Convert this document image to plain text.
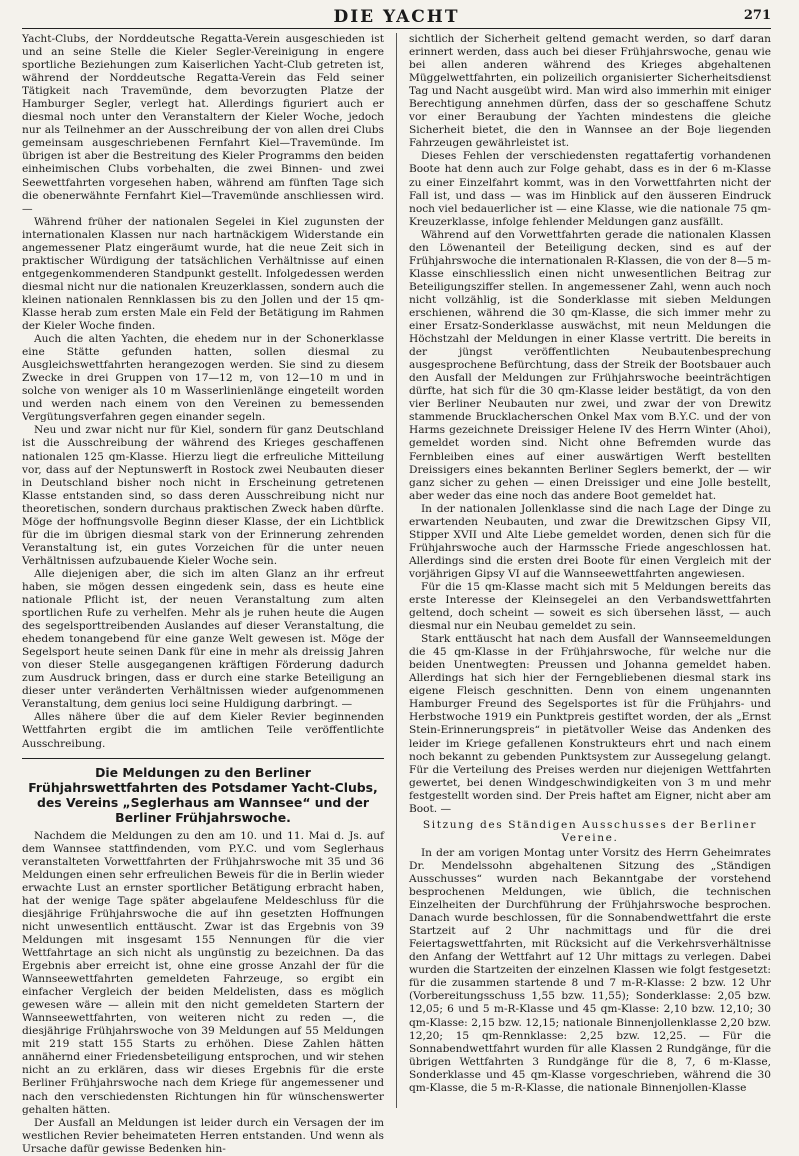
DIE YACHT	271

Yacht-Clubs, der Norddeutsche Regatta-Verein ausgeschieden ist und an seine Stelle die Kieler Segler-Vereinigung in engere sportliche Beziehungen zum Kaiserlichen Yacht-Club getreten ist, während der Norddeutsche Regatta-Verein das Feld seiner Tätigkeit nach Travemünde, dem bevorzugten Platze der Hamburger Segler, verlegt hat. Allerdings figuriert auch er diesmal noch unter den Veranstaltern der Kieler Woche, jedoch nur als Teilnehmer an der Ausschreibung der von allen drei Clubs gemeinsam ausgeschriebenen Fernfahrt Kiel—Travemünde. Im übrigen ist aber die Bestreitung des Kieler Programms den beiden einheimischen Clubs vorbehalten, die zwei Binnen- und zwei Seewettfahrten vorgesehen haben, während am fünften Tage sich die obenerwähnte Fernfahrt Kiel—Travemünde anschliessen wird. —

Während früher der nationalen Segelei in Kiel zugunsten der internationalen Klassen nur nach hartnäckigem Widerstande ein angemessener Platz eingeräumt wurde, hat die neue Zeit sich in praktischer Würdigung der tatsächlichen Verhältnisse auf einen entgegenkommenderen Standpunkt gestellt. Infolgedessen werden diesmal nicht nur die nationalen Kreuzerklassen, sondern auch die kleinen nationalen Rennklassen bis zu den Jollen und der 15 qm-Klasse herab zum ersten Male ein Feld der Betätigung im Rahmen der Kieler Woche finden.

Auch die alten Yachten, die ehedem nur in der Schonerklasse eine Stätte gefunden hatten, sollen diesmal zu Ausgleichswettfahrten herangezogen werden. Sie sind zu diesem Zwecke in drei Gruppen von 17—12 m, von 12—10 m und in solche von weniger als 10 m Wasserlinienlänge eingeteilt worden und werden nach einem von den Vereinen zu bemessenden Vergütungsverfahren gegen einander segeln.

Neu und zwar nicht nur für Kiel, sondern für ganz Deutschland ist die Ausschreibung der während des Krieges geschaffenen nationalen 125 qm-Klasse. Hierzu liegt die erfreuliche Mitteilung vor, dass auf der Neptunswerft in Rostock zwei Neubauten dieser in Deutschland bisher noch nicht in Erscheinung getretenen Klasse entstanden sind, so dass deren Ausschreibung nicht nur theoretischen, sondern durchaus praktischen Zweck haben dürfte. Möge der hoffnungsvolle Beginn dieser Klasse, der ein Lichtblick für die im übrigen diesmal stark von der Erinnerung zehrenden Veranstaltung ist, ein gutes Vorzeichen für die unter neuen Verhältnissen aufzubauende Kieler Woche sein.

Alle diejenigen aber, die sich im alten Glanz an ihr erfreut haben, sie mögen dessen eingedenk sein, dass es heute eine nationale Pflicht ist, der neuen Veranstaltung zum alten sportlichen Rufe zu verhelfen. Mehr als je ruhen heute die Augen des segelsporttreibenden Auslandes auf dieser Veranstaltung, die ehedem tonangebend für eine ganze Welt gewesen ist. Möge der Segelsport heute seinen Dank für eine in mehr als dreissig Jahren von dieser Stelle ausgegangenen kräftigen Förderung dadurch zum Ausdruck bringen, dass er durch eine starke Beteiligung an dieser unter veränderten Verhältnissen wieder aufgenommenen Veranstaltung, dem genius loci seine Huldigung darbringt. —

Alles nähere über die auf dem Kieler Revier beginnenden Wettfahrten ergibt die im amtlichen Teile veröffentlichte Ausschreibung.

Die Meldungen zu den Berliner Frühjahrswettfahrten des Potsdamer Yacht-Clubs, des Vereins „Seglerhaus am Wannsee“ und der Berliner Frühjahrswoche.

Nachdem die Meldungen zu den am 10. und 11. Mai d. Js. auf dem Wannsee stattfindenden, vom P.Y.C. und vom Seglerhaus veranstalteten Vorwettfahrten der Frühjahrswoche mit 35 und 36 Meldungen einen sehr erfreulichen Beweis für die in Berlin wieder erwachte Lust an ernster sportlicher Betätigung erbracht haben, hat der wenige Tage später abgelaufene Meldeschluss für die diesjährige Frühjahrswoche die auf ihn gesetzten Hoffnungen nicht unwesentlich enttäuscht. Zwar ist das Ergebnis von 39 Meldungen mit insgesamt 155 Nennungen für die vier Wettfahrtage an sich nicht als ungünstig zu bezeichnen. Da das Ergebnis aber erreicht ist, ohne eine grosse Anzahl der für die Wannseewettfahrten gemeldeten Fahrzeuge, so ergibt ein einfacher Vergleich der beiden Meldelisten, dass es möglich gewesen wäre — allein mit den nicht gemeldeten Startern der Wannseewettfahrten, von weiteren nicht zu reden —, die diesjährige Frühjahrswoche von 39 Meldungen auf 55 Meldungen mit 219 statt 155 Starts zu erhöhen. Diese Zahlen hätten annähernd einer Friedensbeteiligung entsprochen, und wir stehen nicht an zu erklären, dass wir dieses Ergebnis für die erste Berliner Frühjahrswoche nach dem Kriege für angemessener und nach den verschiedensten Richtungen hin für wünschenswerter gehalten hätten.

Der Ausfall an Meldungen ist leider durch ein Versagen der im westlichen Revier beheimateten Herren entstanden. Und wenn als Ursache dafür gewisse Bedenken hin-

sichtlich der Sicherheit geltend gemacht werden, so darf daran erinnert werden, dass auch bei dieser Frühjahrswoche, genau wie bei allen anderen während des Krieges abgehaltenen Müggelwettfahrten, ein polizeilich organisierter Sicherheitsdienst Tag und Nacht ausgeübt wird. Man wird also immerhin mit einiger Berechtigung annehmen dürfen, dass der so geschaffene Schutz vor einer Beraubung der Yachten mindestens die gleiche Sicherheit bietet, die den in Wannsee an der Boje liegenden Fahrzeugen gewährleistet ist.

Dieses Fehlen der verschiedensten regattafertig vorhandenen Boote hat denn auch zur Folge gehabt, dass es in der 6 m-Klasse zu einer Einzelfahrt kommt, was in den Vorwettfahrten nicht der Fall ist, und dass — was im Hinblick auf den äusseren Eindruck noch viel bedauerlicher ist — eine Klasse, wie die nationale 75 qm-Kreuzerklasse, infolge fehlender Meldungen ganz ausfällt.

Während auf den Vorwettfahrten gerade die nationalen Klassen den Löwenanteil der Beteiligung decken, sind es auf der Frühjahrswoche die internationalen R-Klassen, die von der 8—5 m-Klasse einschliesslich einen nicht unwesentlichen Beitrag zur Beteiligungsziffer stellen. In angemessener Zahl, wenn auch noch nicht vollzählig, ist die Sonderklasse mit sieben Meldungen erschienen, während die 30 qm-Klasse, die sich immer mehr zu einer Ersatz-Sonderklasse auswächst, mit neun Meldungen die Höchstzahl der Meldungen in einer Klasse vertritt. Die bereits in der jüngst veröffentlichten Neubautenbesprechung ausgesprochene Befürchtung, dass der Streik der Bootsbauer auch den Ausfall der Meldungen zur Frühjahrswoche beeinträchtigen dürfte, hat sich für die 30 qm-Klasse leider bestätigt, da von den vier Berliner Neubauten nur zwei, und zwar der von Drewitz stammende Brucklacherschen Onkel Max vom B.Y.C. und der von Harms gezeichnete Dreissiger Helene IV des Herrn Winter (Ahoi), gemeldet worden sind. Nicht ohne Befremden wurde das Fernbleiben eines auf einer auswärtigen Werft bestellten Dreissigers eines bekannten Berliner Seglers bemerkt, der — wir ganz sicher zu gehen — einen Dreissiger und eine Jolle bestellt, aber weder das eine noch das andere Boot gemeldet hat.

In der nationalen Jollenklasse sind die nach Lage der Dinge zu erwartenden Neubauten, und zwar die Drewitzschen Gipsy VII, Stipper XVII und Alte Liebe gemeldet worden, denen sich für die Frühjahrswoche auch der Harmssche Friede angeschlossen hat. Allerdings sind die ersten drei Boote für einen Vergleich mit der vorjährigen Gipsy VI auf die Wannseewettfahrten angewiesen.

Für die 15 qm-Klasse macht sich mit 5 Meldungen bereits das erste Interesse der Kleinsegelei an den Verbandswettfahrten geltend, doch scheint — soweit es sich übersehen lässt, — auch diesmal nur ein Neubau gemeldet zu sein.

Stark enttäuscht hat nach dem Ausfall der Wannseemeldungen die 45 qm-Klasse in der Frühjahrswoche, für welche nur die beiden Unentwegten: Preussen und Johanna gemeldet haben. Allerdings hat sich hier der Ferngebliebenen diesmal stark ins eigene Fleisch geschnitten. Denn von einem ungenannten Hamburger Freund des Segelsportes ist für die Frühjahrs- und Herbstwoche 1919 ein Punktpreis gestiftet worden, der als „Ernst Stein-Erinnerungspreis“ in pietätvoller Weise das Andenken des leider im Kriege gefallenen Konstrukteurs ehrt und nach einem noch bekannt zu gebenden Punktsystem zur Aussegelung gelangt. Für die Verteilung des Preises werden nur diejenigen Wettfahrten gewertet, bei denen Windgeschwindigkeiten von 3 m und mehr festgestellt worden sind. Der Preis haftet am Eigner, nicht aber am Boot. —

Sitzung des Ständigen Ausschusses der Berliner Vereine.

In der am vorigen Montag unter Vorsitz des Herrn Geheimrates Dr. Mendelssohn abgehaltenen Sitzung des „Ständigen Ausschusses“ wurden nach Bekanntgabe der vorstehend besprochenen Meldungen, wie üblich, die technischen Einzelheiten der Durchführung der Frühjahrswoche besprochen. Danach wurde beschlossen, für die Sonnabendwettfahrt die erste Startzeit auf 2 Uhr nachmittags und für die drei Feiertagswettfahrten, mit Rücksicht auf die Verkehrsverhältnisse den Anfang der Wettfahrt auf 12 Uhr mittags zu verlegen. Dabei wurden die Startzeiten der einzelnen Klassen wie folgt festgesetzt: für die zusammen startende 8 und 7 m-R-Klasse: 2 bzw. 12 Uhr (Vorbereitungsschuss 1,55 bzw. 11,55); Sonderklasse: 2,05 bzw. 12,05; 6 und 5 m-R-Klasse und 45 qm-Klasse: 2,10 bzw. 12,10; 30 qm-Klasse: 2,15 bzw. 12,15; nationale Binnenjollenklasse 2,20 bzw. 12,20; 15 qm-Rennklasse: 2,25 bzw. 12,25. — Für die Sonnabendwettfahrt wurden für alle Klassen 2 Rundgänge, für die übrigen Wettfahrten 3 Rundgänge für die 8, 7, 6 m-Klasse, Sonderklasse und 45 qm-Klasse vorgeschrieben, während die 30 qm-Klasse, die 5 m-R-Klasse, die nationale Binnenjollen-Klasse
